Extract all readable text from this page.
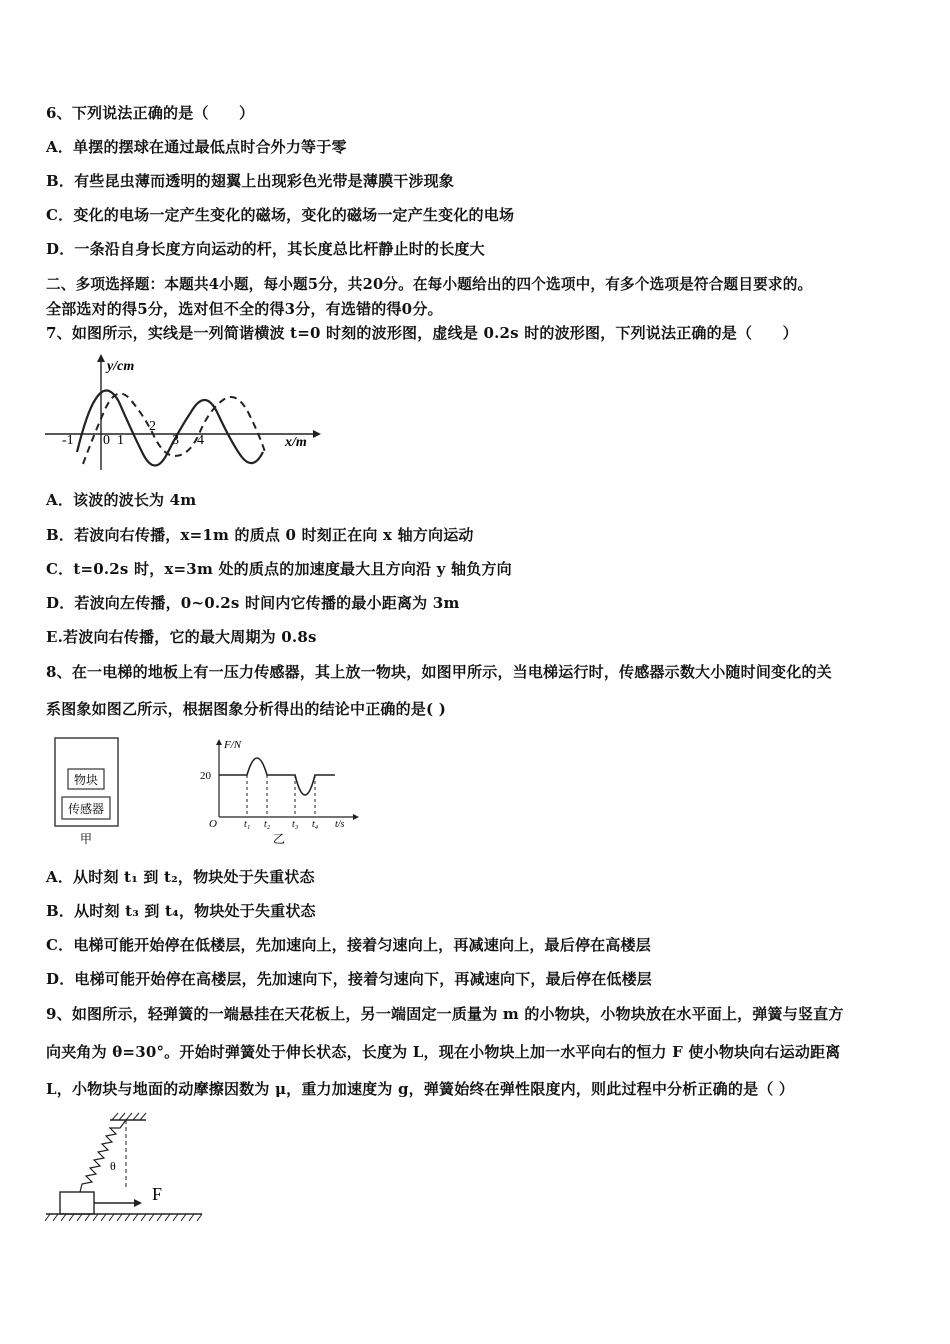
6、下列说法正确的是（　　）
A．单摆的摆球在通过最低点时合外力等于零
B．有些昆虫薄而透明的翅翼上出现彩色光带是薄膜干涉现象
C．变化的电场一定产生变化的磁场，变化的磁场一定产生变化的电场
D．一条沿自身长度方向运动的杆，其长度总比杆静止时的长度大
二、多项选择题：本题共4小题，每小题5分，共20分。在每小题给出的四个选项中，有多个选项是符合题目要求的。
全部选对的得5分，选对但不全的得3分，有选错的得0分。
7、如图所示，实线是一列简谐横波 t=0 时刻的波形图，虚线是 0.2s 时的波形图，下列说法正确的是（　　）
y/cm
x/m
-1 0 1
2
3 4
A．该波的波长为 4m
B．若波向右传播，x=1m 的质点 0 时刻正在向 x 轴方向运动
C．t=0.2s 时，x=3m 处的质点的加速度最大且方向沿 y 轴负方向
D．若波向左传播，0~0.2s 时间内它传播的最小距离为 3m
E.若波向右传播，它的最大周期为 0.8s
8、在一电梯的地板上有一压力传感器，其上放一物块，如图甲所示，当电梯运行时，传感器示数大小随时间变化的关
系图象如图乙所示，根据图象分析得出的结论中正确的是( )
物块
传感器
甲
F/N
20
O	t₁ t₂ t₃ t₄ t/s
乙
A．从时刻 t₁ 到 t₂，物块处于失重状态
B．从时刻 t₃ 到 t₄，物块处于失重状态
C．电梯可能开始停在低楼层，先加速向上，接着匀速向上，再减速向上，最后停在高楼层
D．电梯可能开始停在高楼层，先加速向下，接着匀速向下，再减速向下，最后停在低楼层
9、如图所示，轻弹簧的一端悬挂在天花板上，另一端固定一质量为 m 的小物块，小物块放在水平面上，弹簧与竖直方
向夹角为 θ=30°。开始时弹簧处于伸长状态，长度为 L，现在小物块上加一水平向右的恒力 F 使小物块向右运动距离
L，小物块与地面的动摩擦因数为 μ，重力加速度为 g，弹簧始终在弹性限度内，则此过程中分析正确的是（ ）
θ
F
